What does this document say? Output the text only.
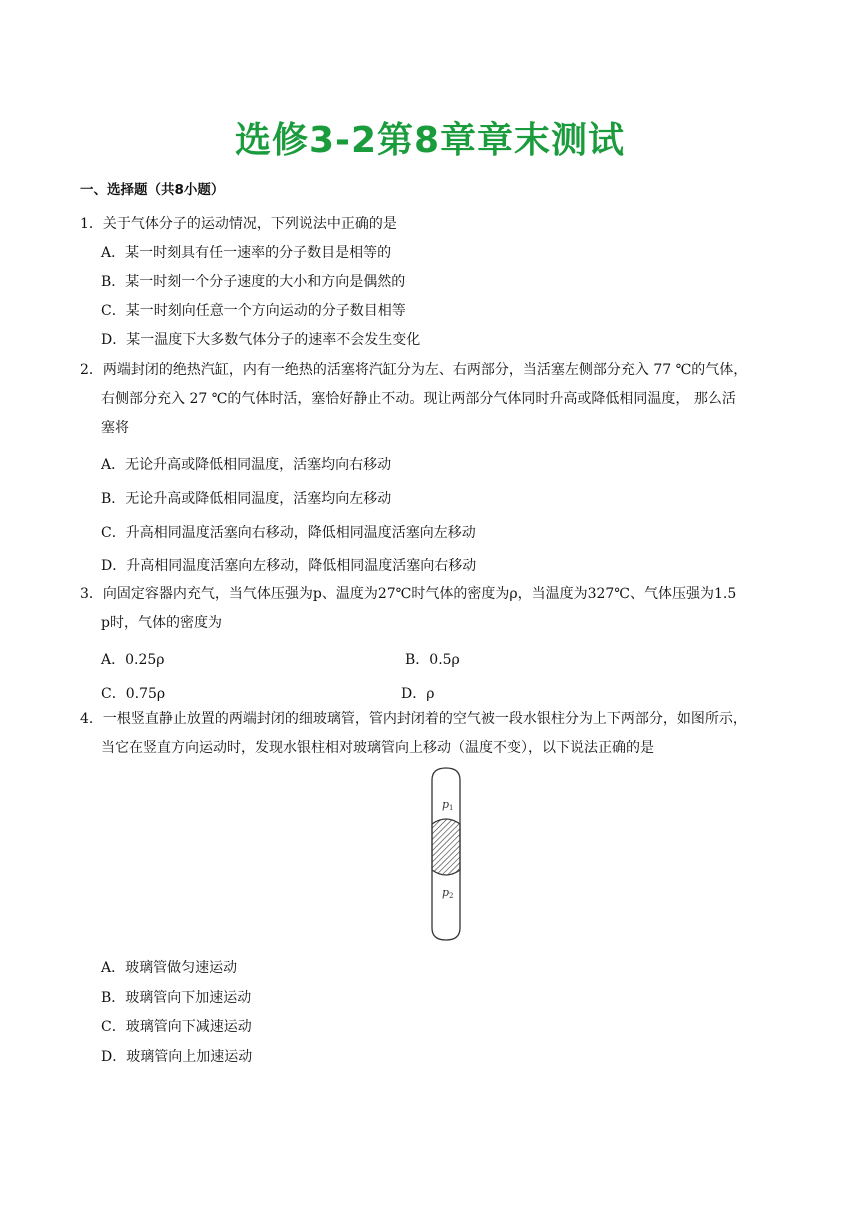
选修3-2第8章章末测试
一、选择题（共8小题）
1．关于气体分子的运动情况，下列说法中正确的是
A．某一时刻具有任一速率的分子数目是相等的
B．某一时刻一个分子速度的大小和方向是偶然的
C．某一时刻向任意一个方向运动的分子数目相等
D．某一温度下大多数气体分子的速率不会发生变化
2．两端封闭的绝热汽缸，内有一绝热的活塞将汽缸分为左、右两部分，当活塞左侧部分充入 77 ℃的气体，
右侧部分充入 27 ℃的气体时活，塞恰好静止不动。现让两部分气体同时升高或降低相同温度， 那么活
塞将
A．无论升高或降低相同温度，活塞均向右移动
B．无论升高或降低相同温度，活塞均向左移动
C．升高相同温度活塞向右移动，降低相同温度活塞向左移动
D．升高相同温度活塞向左移动，降低相同温度活塞向右移动
3．向固定容器内充气，当气体压强为p、温度为27℃时气体的密度为ρ，当温度为327℃、气体压强为1.5
p时，气体的密度为
A．0.25ρ	B．0.5ρ
C．0.75ρ	D．ρ
4．一根竖直静止放置的两端封闭的细玻璃管，管内封闭着的空气被一段水银柱分为上下两部分，如图所示，
当它在竖直方向运动时，发现水银柱相对玻璃管向上移动（温度不变），以下说法正确的是
p1
p2
A．玻璃管做匀速运动
B．玻璃管向下加速运动
C．玻璃管向下减速运动
D．玻璃管向上加速运动
